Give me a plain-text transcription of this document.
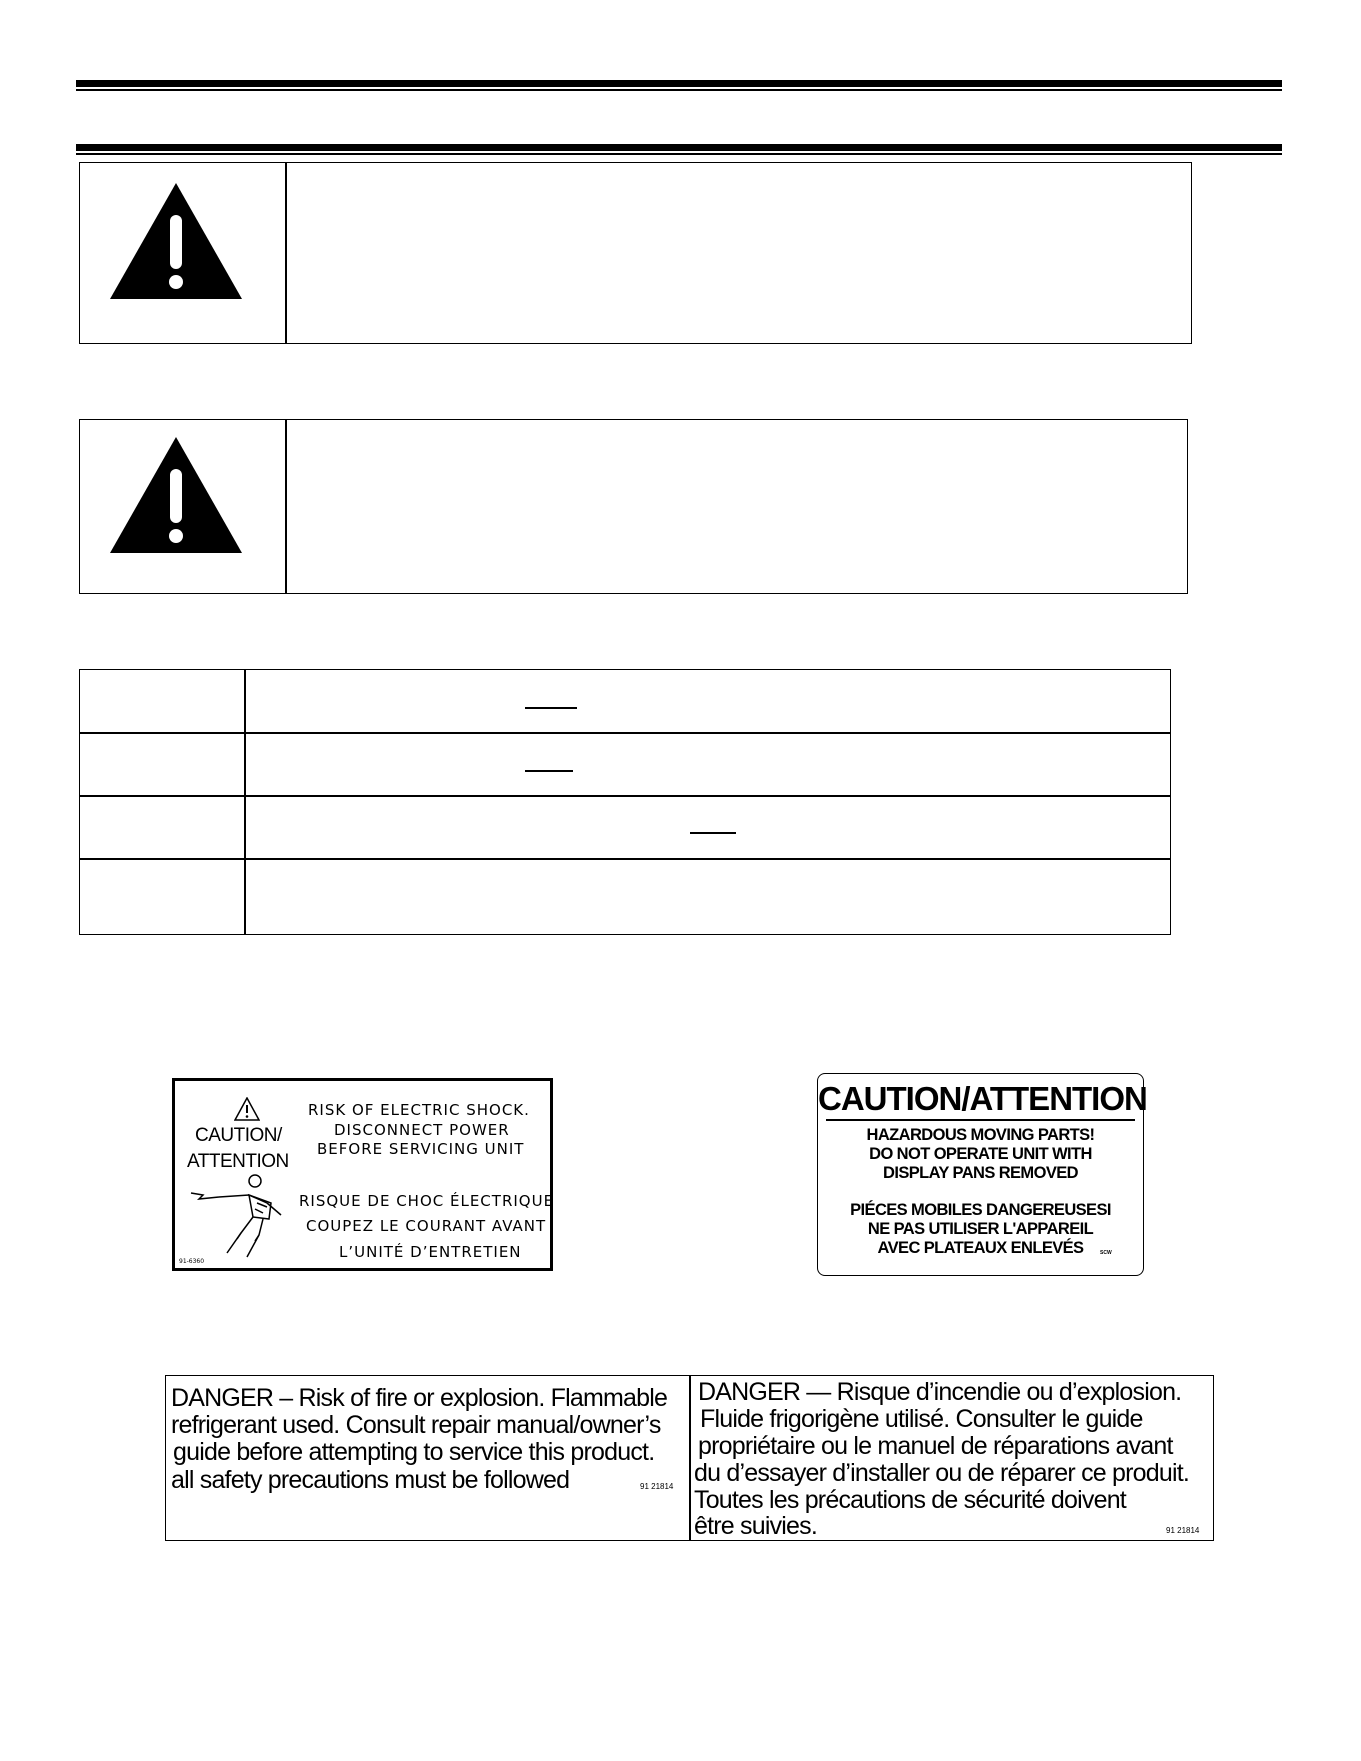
CAUTION/
ATTENTION
RISK OF ELECTRIC SHOCK.
DISCONNECT POWER
BEFORE SERVICING UNIT
RISQUE DE CHOC ÉLECTRIQUE
COUPEZ LE COURANT AVANT
L’UNITÉ D’ENTRETIEN
91-6360
CAUTION/ATTENTION
HAZARDOUS MOVING PARTS!
DO NOT OPERATE UNIT WITH
DISPLAY PANS REMOVED
PIÉCES MOBILES DANGEREUSESI
NE PAS UTILISER L'APPAREIL
AVEC PLATEAUX ENLEVÉS	SCW
DANGER – Risk of fire or explosion. Flammable
refrigerant used. Consult repair manual/owner’s
guide before attempting to service this product.
all safety precautions must be followed	91 21814
DANGER — Risque d’incendie ou d’explosion.
Fluide frigorigène utilisé. Consulter le guide
propriétaire ou le manuel de réparations avant
du d’essayer d’installer ou de réparer ce produit.
Toutes les précautions de sécurité doivent
être suivies.	91 21814
